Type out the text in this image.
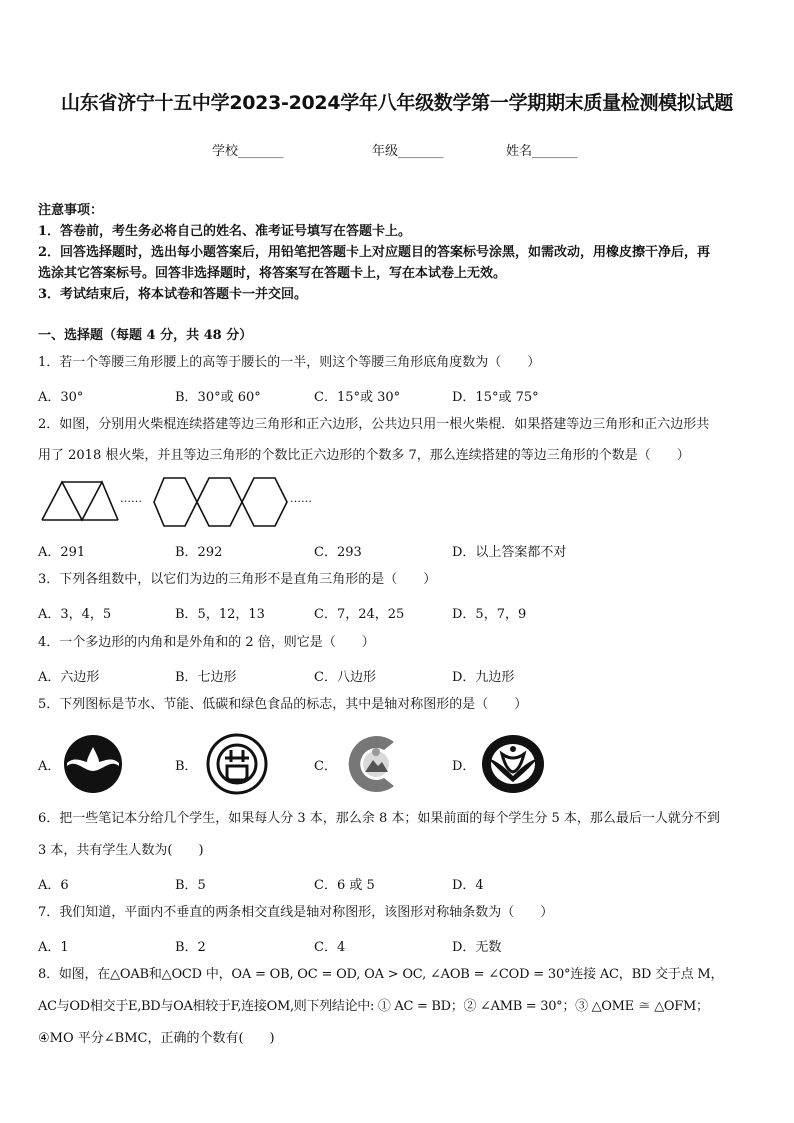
山东省济宁十五中学2023-2024学年八年级数学第一学期期末质量检测模拟试题
学校_______	年级_______	姓名_______
注意事项：
1．答卷前，考生务必将自己的姓名、准考证号填写在答题卡上。
2．回答选择题时，选出每小题答案后，用铅笔把答题卡上对应题目的答案标号涂黑，如需改动，用橡皮擦干净后，再
选涂其它答案标号。回答非选择题时，将答案写在答题卡上，写在本试卷上无效。
3．考试结束后，将本试卷和答题卡一并交回。
一、选择题（每题 4 分，共 48 分）
1．若一个等腰三角形腰上的高等于腰长的一半，则这个等腰三角形底角度数为（　　）
A．30°	B．30°或 60°	C．15°或 30°	D．15°或 75°
2．如图，分别用火柴棍连续搭建等边三角形和正六边形，公共边只用一根火柴棍．如果搭建等边三角形和正六边形共
用了 2018 根火柴，并且等边三角形的个数比正六边形的个数多 7，那么连续搭建的等边三角形的个数是（　　）
……	……
A．291	B．292	C．293	D．以上答案都不对
3．下列各组数中，以它们为边的三角形不是直角三角形的是（　　）
A．3，4，5	B．5，12，13	C．7，24，25	D．5，7，9
4．一个多边形的内角和是外角和的 2 倍，则它是（　　）
A．六边形	B．七边形	C．八边形	D．九边形
5．下列图标是节水、节能、低碳和绿色食品的标志，其中是轴对称图形的是（　　）
A．	B．	C．	D．
6．把一些笔记本分给几个学生，如果每人分 3 本，那么余 8 本；如果前面的每个学生分 5 本，那么最后一人就分不到
3 本，共有学生人数为(　　)
A．6	B．5	C．6 或 5	D．4
7．我们知道，平面内不垂直的两条相交直线是轴对称图形，该图形对称轴条数为（　　）
A．1	B．2	C．4	D．无数
8．如图，在△OAB和△OCD 中，OA = OB, OC = OD, OA > OC, ∠AOB = ∠COD = 30°连接 AC，BD 交于点 M，
AC与OD相交于E,BD与OA相较于F,连接OM,则下列结论中: ① AC = BD；② ∠AMB = 30°；③ △OME ≅ △OFM；
④MO 平分∠BMC，正确的个数有(　　)
